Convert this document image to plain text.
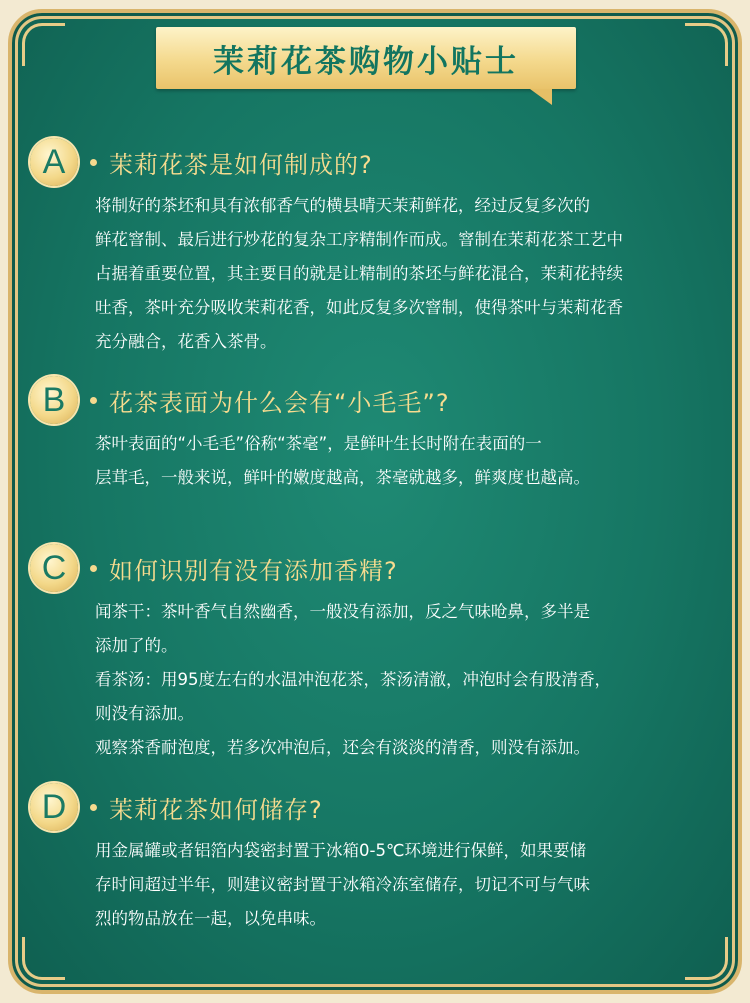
茉莉花茶购物小贴士
A	茉莉花茶是如何制成的?

将制好的茶坯和具有浓郁香气的横县晴天茉莉鲜花，经过反复多次的

鲜花窨制、最后进行炒花的复杂工序精制作而成。窨制在茉莉花茶工艺中

占据着重要位置，其主要目的就是让精制的茶坯与鲜花混合，茉莉花持续

吐香，茶叶充分吸收茉莉花香，如此反复多次窨制，使得茶叶与茉莉花香

充分融合，花香入茶骨。

B	花茶表面为什么会有“小毛毛”?

茶叶表面的“小毛毛”俗称“茶毫”，是鲜叶生长时附在表面的一

层茸毛，一般来说，鲜叶的嫩度越高，茶毫就越多，鲜爽度也越高。

C	如何识别有没有添加香精?

闻茶干：茶叶香气自然幽香，一般没有添加，反之气味呛鼻，多半是

添加了的。

看茶汤：用95度左右的水温冲泡花茶，茶汤清澈，冲泡时会有股清香，

则没有添加。

观察茶香耐泡度，若多次冲泡后，还会有淡淡的清香，则没有添加。

D	茉莉花茶如何储存?

用金属罐或者铝箔内袋密封置于冰箱0-5℃环境进行保鲜，如果要储

存时间超过半年，则建议密封置于冰箱冷冻室储存，切记不可与气味

烈的物品放在一起，以免串味。
